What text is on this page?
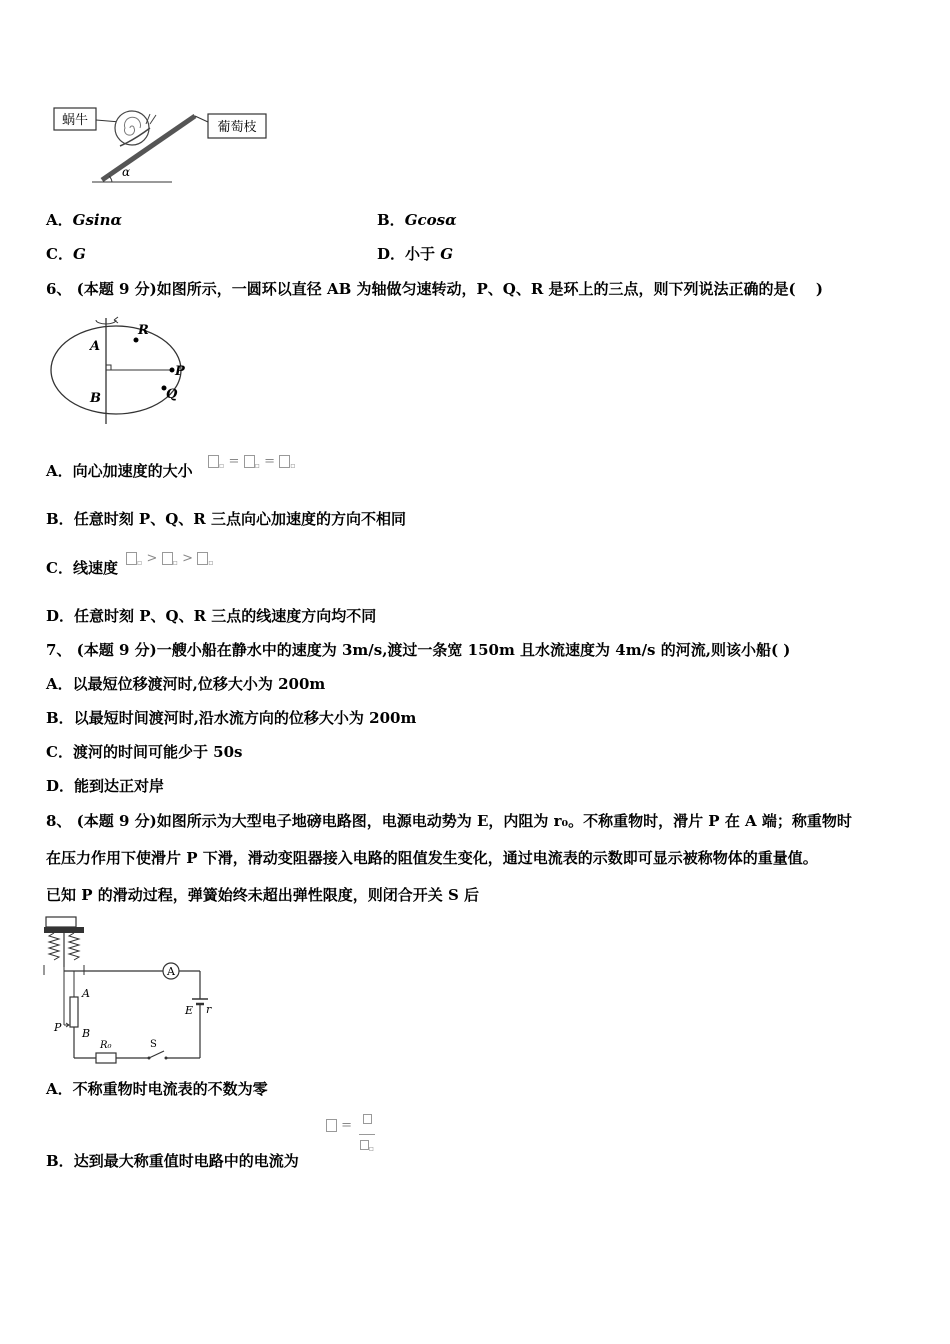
蜗牛	葡萄枝
α
A．Gsinα	B．Gcosα
C．G	D．小于 G
6、 (本题 9 分)如图所示，一圆环以直径 AB 为轴做匀速转动，P、Q、R 是环上的三点，则下列说法正确的是(　 )
R
A
B
P
Q
A．向心加速度的大小	$_▫$ = $_▫$ = $_▫$
B．任意时刻 P、Q、R 三点向心加速度的方向不相同
C．线速度	$_▫$ > $_▫$ > $_▫$
D．任意时刻 P、Q、R 三点的线速度方向均不同
7、 (本题 9 分)一艘小船在静水中的速度为 3m/s,渡过一条宽 150m 且水流速度为 4m/s 的河流,则该小船( )
A．以最短位移渡河时,位移大小为 200m
B．以最短时间渡河时,沿水流方向的位移大小为 200m
C．渡河的时间可能少于 50s
D．能到达正对岸
8、 (本题 9 分)如图所示为大型电子地磅电路图，电源电动势为 E，内阻为 r₀。不称重物时，滑片 P 在 A 端；称重物时
在压力作用下使滑片 P 下滑，滑动变阻器接入电路的阻值发生变化，通过电流表的示数即可显示被称物体的重量值。
已知 P 的滑动过程，弹簧始终未超出弹性限度，则闭合开关 S 后
A
E r
A
B
P
R₀	S
A．不称重物时电流表的不数为零
=

$_▫$
B．达到最大称重值时电路中的电流为
